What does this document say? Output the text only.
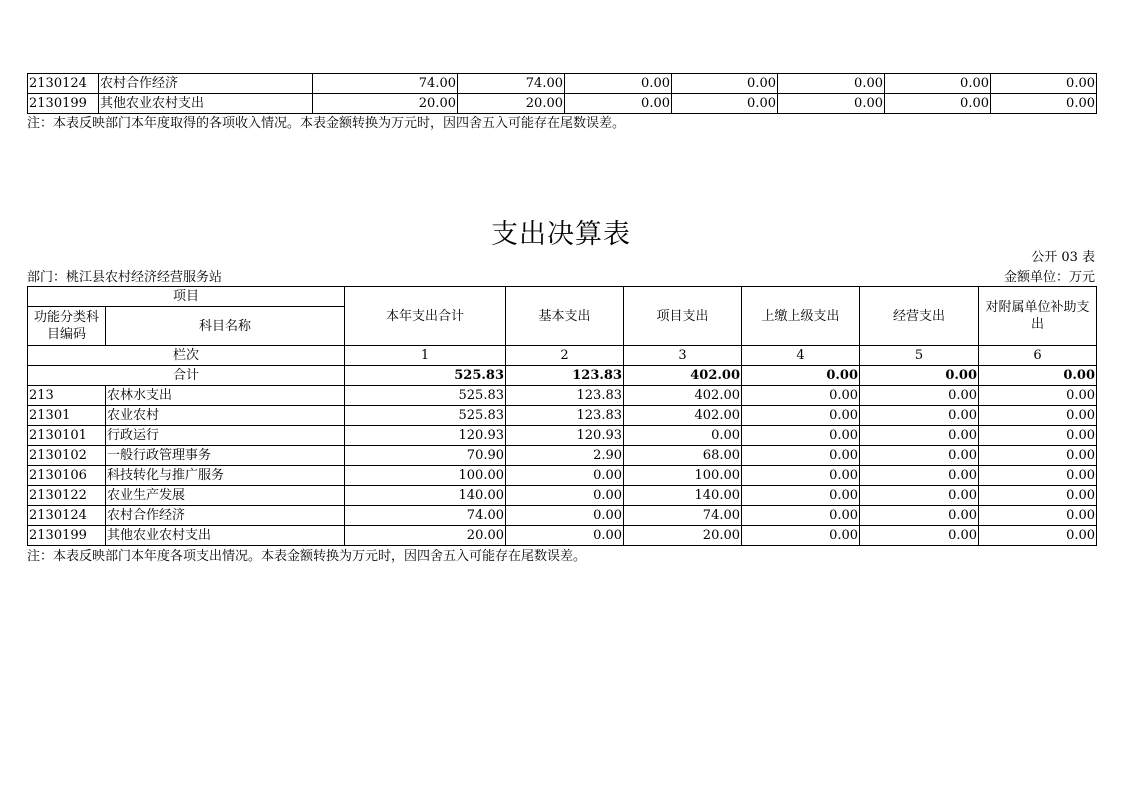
2130124	农村合作经济	74.00	74.00	0.00	0.00	0.00	0.00	0.00
2130199	其他农业农村支出	20.00	20.00	0.00	0.00	0.00	0.00	0.00
注：本表反映部门本年度取得的各项收入情况。本表金额转换为万元时，因四舍五入可能存在尾数误差。
支出决算表
公开 03 表
部门：桃江县农村经济经营服务站	金额单位：万元
项目		本年支出合计	基本支出	项目支出	上缴上级支出	经营支出	对附属单位补助支出
功能分类科目编码	科目名称						
栏次		1	2	3	4	5	6
合计		525.83	123.83	402.00	0.00	0.00	0.00
213	农林水支出	525.83	123.83	402.00	0.00	0.00	0.00
21301	农业农村	525.83	123.83	402.00	0.00	0.00	0.00
2130101	行政运行	120.93	120.93	0.00	0.00	0.00	0.00
2130102	一般行政管理事务	70.90	2.90	68.00	0.00	0.00	0.00
2130106	科技转化与推广服务	100.00	0.00	100.00	0.00	0.00	0.00
2130122	农业生产发展	140.00	0.00	140.00	0.00	0.00	0.00
2130124	农村合作经济	74.00	0.00	74.00	0.00	0.00	0.00
2130199	其他农业农村支出	20.00	0.00	20.00	0.00	0.00	0.00
注：本表反映部门本年度各项支出情况。本表金额转换为万元时，因四舍五入可能存在尾数误差。
